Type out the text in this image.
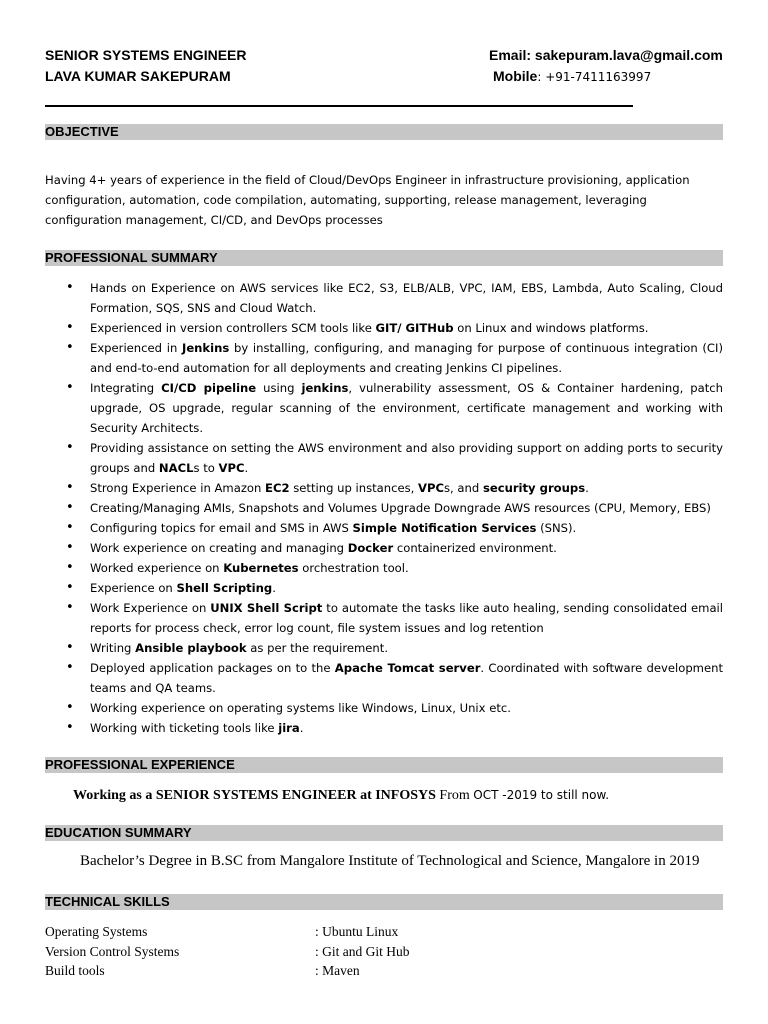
SENIOR SYSTEMS ENGINEER
LAVA KUMAR SAKEPURAM
Email: sakepuram.lava@gmail.com
Mobile: +91-7411163997
OBJECTIVE

Having 4+ years of experience in the field of Cloud/DevOps Engineer in infrastructure provisioning, application configuration, automation, code compilation, automating, supporting, release management, leveraging configuration management, CI/CD, and DevOps processes

PROFESSIONAL SUMMARY
• Hands on Experience on AWS services like EC2, S3, ELB/ALB, VPC, IAM, EBS, Lambda, Auto Scaling, Cloud Formation, SQS, SNS and Cloud Watch.
• Experienced in version controllers SCM tools like GIT/ GITHub on Linux and windows platforms.
• Experienced in Jenkins by installing, configuring, and managing for purpose of continuous integration (CI) and end-to-end automation for all deployments and creating Jenkins CI pipelines.
• Integrating CI/CD pipeline using jenkins, vulnerability assessment, OS & Container hardening, patch upgrade, OS upgrade, regular scanning of the environment, certificate management and working with Security Architects.
• Providing assistance on setting the AWS environment and also providing support on adding ports to security groups and NACLs to VPC.
• Strong Experience in Amazon EC2 setting up instances, VPCs, and security groups.
• Creating/Managing AMIs, Snapshots and Volumes Upgrade Downgrade AWS resources (CPU, Memory, EBS)
• Configuring topics for email and SMS in AWS Simple Notification Services (SNS).
• Work experience on creating and managing Docker containerized environment.
• Worked experience on Kubernetes orchestration tool.
• Experience on Shell Scripting.
• Work Experience on UNIX Shell Script to automate the tasks like auto healing, sending consolidated email reports for process check, error log count, file system issues and log retention
• Writing Ansible playbook as per the requirement.
• Deployed application packages on to the Apache Tomcat server. Coordinated with software development teams and QA teams.
• Working experience on operating systems like Windows, Linux, Unix etc.
• Working with ticketing tools like jira.
PROFESSIONAL EXPERIENCE
Working as a SENIOR SYSTEMS ENGINEER at INFOSYS From OCT -2019 to still now.
EDUCATION SUMMARY
Bachelor’s Degree in B.SC from Mangalore Institute of Technological and Science, Mangalore in 2019
TECHNICAL SKILLS
Operating Systems	: Ubuntu Linux
Version Control Systems	: Git and Git Hub
Build tools	: Maven
